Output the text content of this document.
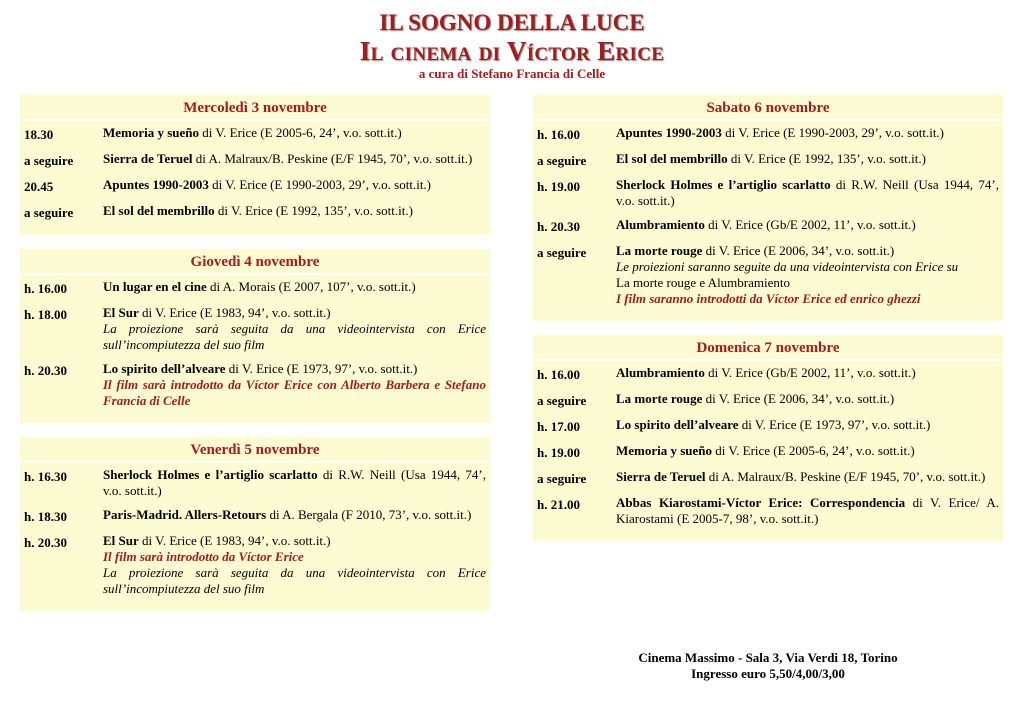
IL SOGNO DELLA LUCE
Il cinema di Víctor Erice
a cura di Stefano Francia di Celle
Mercoledì 3 novembre
18.30	Memoria y sueño di V. Erice (E 2005-6, 24’, v.o. sott.it.)
a seguire	Sierra de Teruel di A. Malraux/B. Peskine (E/F 1945, 70’, v.o. sott.it.)
20.45	Apuntes 1990-2003 di V. Erice (E 1990-2003, 29’, v.o. sott.it.)
a seguire	El sol del membrillo di V. Erice (E 1992, 135’, v.o. sott.it.)
Giovedì 4 novembre
h. 16.00	Un lugar en el cine di A. Morais (E 2007, 107’, v.o. sott.it.)
h. 18.00	El Sur di V. Erice (E 1983, 94’, v.o. sott.it.)
La proiezione sarà seguita da una videointervista con Erice sull’incompiutezza del suo film
h. 20.30	Lo spirito dell’alveare di V. Erice (E 1973, 97’, v.o. sott.it.)
Il film sarà introdotto da Víctor Erice con Alberto Barbera e Stefano Francia di Celle
Venerdì 5 novembre
h. 16.30	Sherlock Holmes e l’artiglio scarlatto di R.W. Neill (Usa 1944, 74’, v.o. sott.it.)
h. 18.30	Paris-Madrid. Allers-Retours di A. Bergala (F 2010, 73’, v.o. sott.it.)
h. 20.30	El Sur di V. Erice (E 1983, 94’, v.o. sott.it.)
Il film sarà introdotto da Víctor Erice
La proiezione sarà seguita da una videointervista con Erice sull’incompiutezza del suo film
Sabato 6 novembre
h. 16.00	Apuntes 1990-2003 di V. Erice (E 1990-2003, 29’, v.o. sott.it.)
a seguire	El sol del membrillo di V. Erice (E 1992, 135’, v.o. sott.it.)
h. 19.00	Sherlock Holmes e l’artiglio scarlatto di R.W. Neill (Usa 1944, 74’, v.o. sott.it.)
h. 20.30	Alumbramiento di V. Erice (Gb/E 2002, 11’, v.o. sott.it.)
a seguire	La morte rouge di V. Erice (E 2006, 34’, v.o. sott.it.)
Le proiezioni saranno seguite da una videointervista con Erice su
La morte rouge e Alumbramiento
I film saranno introdotti da Víctor Erice ed enrico ghezzi
Domenica 7 novembre
h. 16.00	Alumbramiento di V. Erice (Gb/E 2002, 11’, v.o. sott.it.)
a seguire	La morte rouge di V. Erice (E 2006, 34’, v.o. sott.it.)
h. 17.00	Lo spirito dell’alveare di V. Erice (E 1973, 97’, v.o. sott.it.)
h. 19.00	Memoria y sueño di V. Erice (E 2005-6, 24’, v.o. sott.it.)
a seguire	Sierra de Teruel di A. Malraux/B. Peskine (E/F 1945, 70’, v.o. sott.it.)
h. 21.00	Abbas Kiarostami-Víctor Erice: Correspondencia di V. Erice/ A. Kiarostami (E 2005-7, 98’, v.o. sott.it.)
Cinema Massimo - Sala 3, Via Verdi 18, Torino
Ingresso euro 5,50/4,00/3,00
